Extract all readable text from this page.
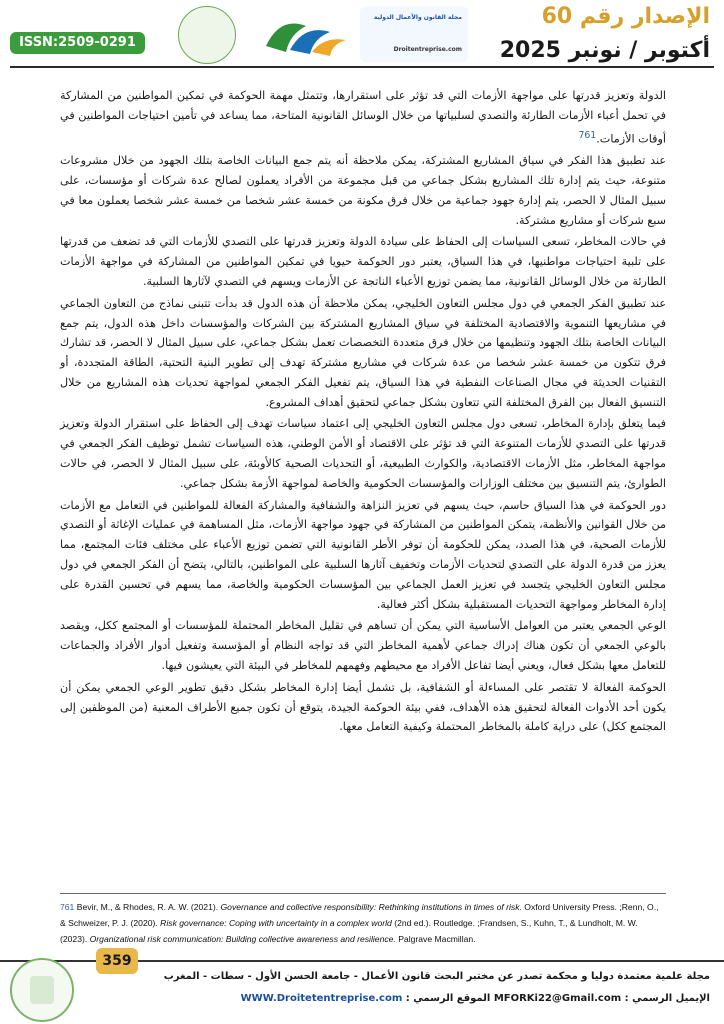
الإصدار رقم 60
أكتوبر / نونبر 2025
مجلة القانون والأعمال الدولية
Droitentreprise.com
ISSN:2509-0291

الدولة وتعزيز قدرتها على مواجهة الأزمات التي قد تؤثر على استقرارها، وتتمثل مهمة الحوكمة في تمكين المواطنين من المشاركة في تحمل أعباء الأزمات الطارئة والتصدي لسلبياتها من خلال الوسائل القانونية المتاحة، مما يساعد في تأمين احتياجات المواطنين في أوقات الأزمات.$^{761}$

عند تطبيق هذا الفكر في سياق المشاريع المشتركة، يمكن ملاحظة أنه يتم جمع البيانات الخاصة بتلك الجهود من خلال مشروعات متنوعة، حيث يتم إدارة تلك المشاريع بشكل جماعي من قبل مجموعة من الأفراد يعملون لصالح عدة شركات أو مؤسسات، على سبيل المثال لا الحصر، يتم إدارة جهود جماعية من خلال فرق مكونة من خمسة عشر شخصا من خمسة عشر شخصا يعملون معا في سبع شركات أو مشاريع مشتركة.

في حالات المخاطر، تسعى السياسات إلى الحفاظ على سيادة الدولة وتعزيز قدرتها على التصدي للأزمات التي قد تضعف من قدرتها على تلبية احتياجات مواطنيها، في هذا السياق، يعتبر دور الحوكمة حيويا في تمكين المواطنين من المشاركة في مواجهة الأزمات الطارئة من خلال الوسائل القانونية، مما يضمن توزيع الأعباء الناتجة عن الأزمات ويسهم في التصدي لآثارها السلبية.

عند تطبيق الفكر الجمعي في دول مجلس التعاون الخليجي، يمكن ملاحظة أن هذه الدول قد بدأت تتبنى نماذج من التعاون الجماعي في مشاريعها التنموية والاقتصادية المختلفة في سياق المشاريع المشتركة بين الشركات والمؤسسات داخل هذه الدول، يتم جمع البيانات الخاصة بتلك الجهود وتنظيمها من خلال فرق متعددة التخصصات تعمل بشكل جماعي، على سبيل المثال لا الحصر، قد تشارك فرق تتكون من خمسة عشر شخصا من عدة شركات في مشاريع مشتركة تهدف إلى تطوير البنية التحتية، الطاقة المتجددة، أو التقنيات الحديثة في مجال الصناعات النفطية في هذا السياق، يتم تفعيل الفكر الجمعي لمواجهة تحديات هذه المشاريع من خلال التنسيق الفعال بين الفرق المختلفة التي تتعاون بشكل جماعي لتحقيق أهداف المشروع.

فيما يتعلق بإدارة المخاطر، تسعى دول مجلس التعاون الخليجي إلى اعتماد سياسات تهدف إلى الحفاظ على استقرار الدولة وتعزيز قدرتها على التصدي للأزمات المتنوعة التي قد تؤثر على الاقتصاد أو الأمن الوطني، هذه السياسات تشمل توظيف الفكر الجمعي في مواجهة المخاطر، مثل الأزمات الاقتصادية، والكوارث الطبيعية، أو التحديات الصحية كالأوبئة، على سبيل المثال لا الحصر، في حالات الطوارئ، يتم التنسيق بين مختلف الوزارات والمؤسسات الحكومية والخاصة لمواجهة الأزمة بشكل جماعي.

دور الحوكمة في هذا السياق حاسم، حيث يسهم في تعزيز النزاهة والشفافية والمشاركة الفعالة للمواطنين في التعامل مع الأزمات من خلال القوانين والأنظمة، يتمكن المواطنين من المشاركة في جهود مواجهة الأزمات، مثل المساهمة في عمليات الإغاثة أو التصدي للأزمات الصحية، في هذا الصدد، يمكن للحكومة أن توفر الأطر القانونية التي تضمن توزيع الأعباء على مختلف فئات المجتمع، مما يعزز من قدرة الدولة على التصدي لتحديات الأزمات وتخفيف آثارها السلبية على المواطنين، بالتالي، يتضح أن الفكر الجمعي في دول مجلس التعاون الخليجي يتجسد في تعزيز العمل الجماعي بين المؤسسات الحكومية والخاصة، مما يسهم في تحسين القدرة على إدارة المخاطر ومواجهة التحديات المستقبلية بشكل أكثر فعالية.

الوعي الجمعي يعتبر من العوامل الأساسية التي يمكن أن تساهم في تقليل المخاطر المحتملة للمؤسسات أو المجتمع ككل، ويقصد بالوعي الجمعي أن تكون هناك إدراك جماعي لأهمية المخاطر التي قد تواجه النظام أو المؤسسة وتفعيل أدوار الأفراد والجماعات للتعامل معها بشكل فعال، ويعني أيضا تفاعل الأفراد مع محيطهم وفهمهم للمخاطر في البيئة التي يعيشون فيها.

الحوكمة الفعالة لا تقتصر على المساءلة أو الشفافية، بل تشمل أيضا إدارة المخاطر بشكل دقيق تطوير الوعي الجمعي يمكن أن يكون أحد الأدوات الفعالة لتحقيق هذه الأهداف، ففي بيئة الحوكمة الجيدة، يتوقع أن تكون جميع الأطراف المعنية (من الموظفين إلى المجتمع ككل) على دراية كاملة بالمخاطر المحتملة وكيفية التعامل معها.

761 Bevir, M., & Rhodes, R. A. W. (2021). Governance and collective responsibility: Rethinking institutions in times of risk. Oxford University Press. ;Renn, O., & Schweizer, P. J. (2020). Risk governance: Coping with uncertainty in a complex world (2nd ed.). Routledge. ;Frandsen, S., Kuhn, T., & Lundholt, M. W. (2023). Organizational risk communication: Building collective awareness and resilience. Palgrave Macmillan.
359
مجلة علمية معتمدة دوليا و محكمة تصدر عن مختبر البحث قانون الأعمال - جامعة الحسن الأول - سطات - المغرب
الإيميل الرسمي : MFORKi22@Gmail.com الموقع الرسمي : WWW.Droitetentreprise.com
